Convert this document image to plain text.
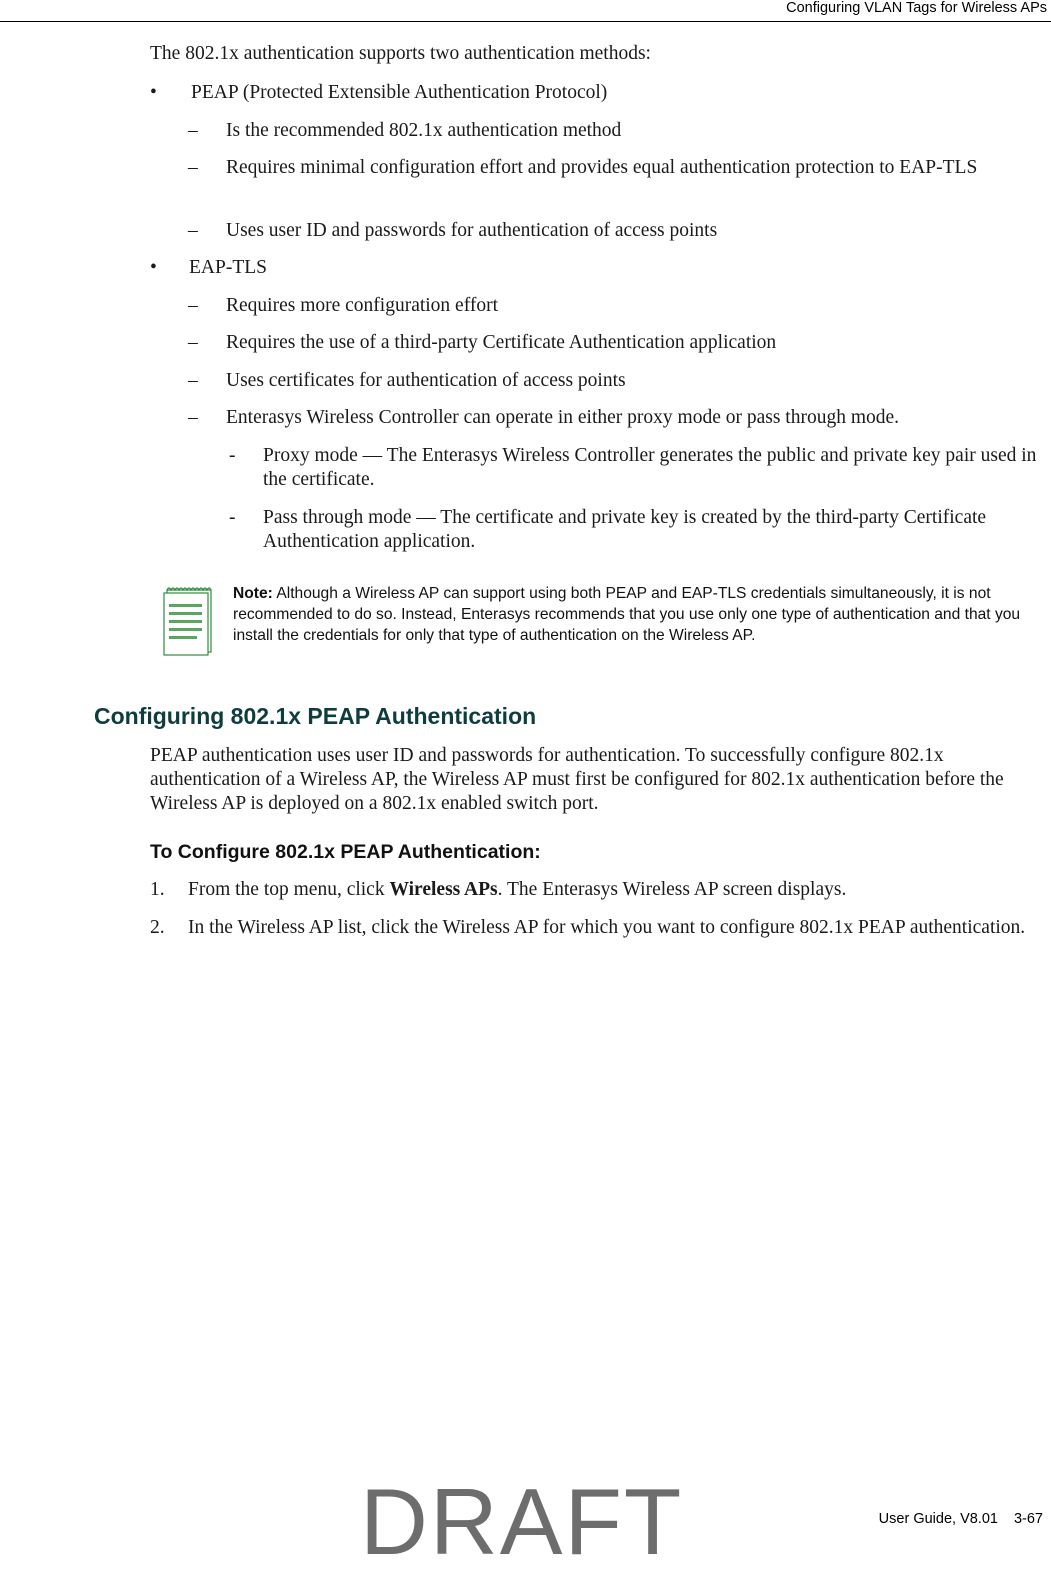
Configuring VLAN Tags for Wireless APs
The 802.1x authentication supports two authentication methods:
• PEAP (Protected Extensible Authentication Protocol)
– Is the recommended 802.1x authentication method
– Requires minimal configuration effort and provides equal authentication protection to EAP-TLS
– Uses user ID and passwords for authentication of access points
• EAP-TLS
– Requires more configuration effort
– Requires the use of a third-party Certificate Authentication application
– Uses certificates for authentication of access points
– Enterasys Wireless Controller can operate in either proxy mode or pass through mode.
- Proxy mode — The Enterasys Wireless Controller generates the public and private key pair used in the certificate.
- Pass through mode — The certificate and private key is created by the third-party Certificate Authentication application.
Note: Although a Wireless AP can support using both PEAP and EAP-TLS credentials simultaneously, it is not recommended to do so. Instead, Enterasys recommends that you use only one type of authentication and that you install the credentials for only that type of authentication on the Wireless AP.
Configuring 802.1x PEAP Authentication
PEAP authentication uses user ID and passwords for authentication. To successfully configure 802.1x authentication of a Wireless AP, the Wireless AP must first be configured for 802.1x authentication before the Wireless AP is deployed on a 802.1x enabled switch port.
To Configure 802.1x PEAP Authentication:
1. From the top menu, click Wireless APs. The Enterasys Wireless AP screen displays.
2. In the Wireless AP list, click the Wireless AP for which you want to configure 802.1x PEAP authentication.
DRAFT	User Guide, V8.01 3-67
